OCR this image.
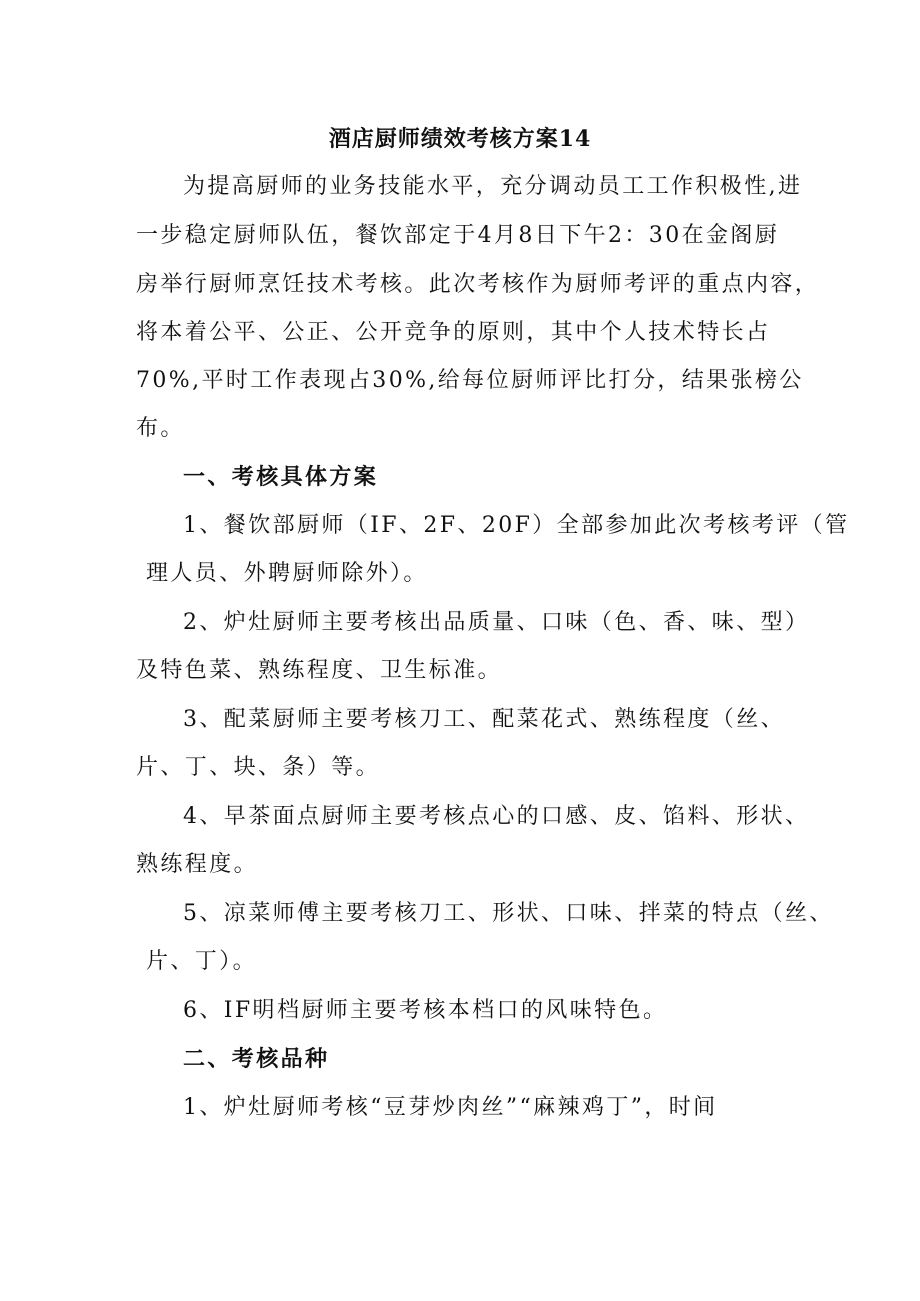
酒店厨师绩效考核方案14
为提高厨师的业务技能水平，充分调动员工工作积极性,进
一步稳定厨师队伍，餐饮部定于4月8日下午2：30在金阁厨
房举行厨师烹饪技术考核。此次考核作为厨师考评的重点内容，
将本着公平、公正、公开竞争的原则，其中个人技术特长占
70%,平时工作表现占30%,给每位厨师评比打分，结果张榜公
布。
一、考核具体方案
1、餐饮部厨师（IF、2F、20F）全部参加此次考核考评（管
理人员、外聘厨师除外）。
2、炉灶厨师主要考核出品质量、口味（色、香、味、型）
及特色菜、熟练程度、卫生标准。
3、配菜厨师主要考核刀工、配菜花式、熟练程度（丝、
片、丁、块、条）等。
4、早茶面点厨师主要考核点心的口感、皮、馅料、形状、
熟练程度。
5、凉菜师傅主要考核刀工、形状、口味、拌菜的特点（丝、
片、丁）。
6、IF明档厨师主要考核本档口的风味特色。
二、考核品种
1、炉灶厨师考核“豆芽炒肉丝”“麻辣鸡丁”，时间
